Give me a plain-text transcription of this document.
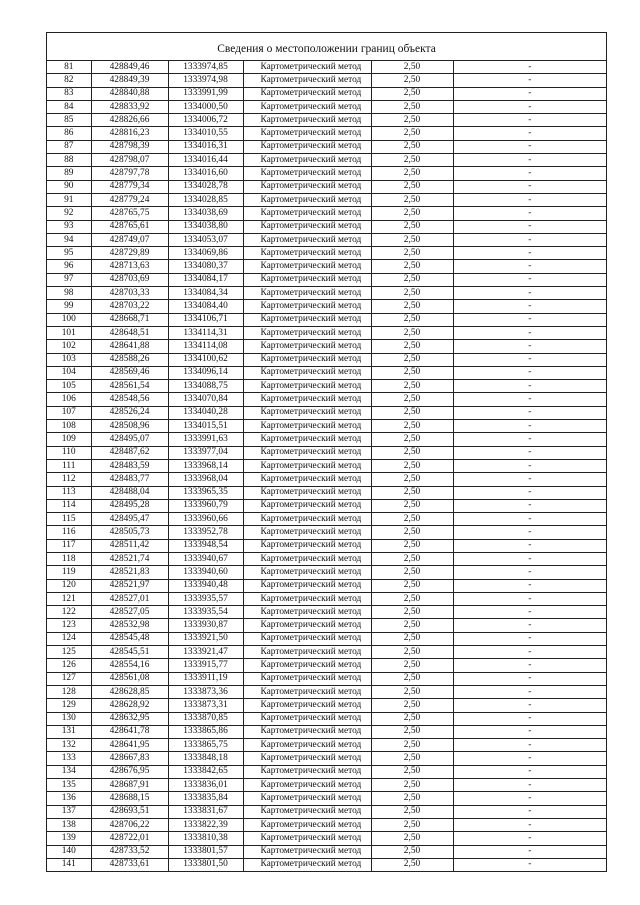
Сведения о местоположении границ объекта
81	428849,46	1333974,85	Картометрический метод	2,50	-
82	428849,39	1333974,98	Картометрический метод	2,50	-
83	428840,88	1333991,99	Картометрический метод	2,50	-
84	428833,92	1334000,50	Картометрический метод	2,50	-
85	428826,66	1334006,72	Картометрический метод	2,50	-
86	428816,23	1334010,55	Картометрический метод	2,50	-
87	428798,39	1334016,31	Картометрический метод	2,50	-
88	428798,07	1334016,44	Картометрический метод	2,50	-
89	428797,78	1334016,60	Картометрический метод	2,50	-
90	428779,34	1334028,78	Картометрический метод	2,50	-
91	428779,24	1334028,85	Картометрический метод	2,50	-
92	428765,75	1334038,69	Картометрический метод	2,50	-
93	428765,61	1334038,80	Картометрический метод	2,50	-
94	428749,07	1334053,07	Картометрический метод	2,50	-
95	428729,89	1334069,86	Картометрический метод	2,50	-
96	428713,63	1334080,37	Картометрический метод	2,50	-
97	428703,69	1334084,17	Картометрический метод	2,50	-
98	428703,33	1334084,34	Картометрический метод	2,50	-
99	428703,22	1334084,40	Картометрический метод	2,50	-
100	428668,71	1334106,71	Картометрический метод	2,50	-
101	428648,51	1334114,31	Картометрический метод	2,50	-
102	428641,88	1334114,08	Картометрический метод	2,50	-
103	428588,26	1334100,62	Картометрический метод	2,50	-
104	428569,46	1334096,14	Картометрический метод	2,50	-
105	428561,54	1334088,75	Картометрический метод	2,50	-
106	428548,56	1334070,84	Картометрический метод	2,50	-
107	428526,24	1334040,28	Картометрический метод	2,50	-
108	428508,96	1334015,51	Картометрический метод	2,50	-
109	428495,07	1333991,63	Картометрический метод	2,50	-
110	428487,62	1333977,04	Картометрический метод	2,50	-
111	428483,59	1333968,14	Картометрический метод	2,50	-
112	428483,77	1333968,04	Картометрический метод	2,50	-
113	428488,04	1333965,35	Картометрический метод	2,50	-
114	428495,28	1333960,79	Картометрический метод	2,50	-
115	428495,47	1333960,66	Картометрический метод	2,50	-
116	428505,73	1333952,78	Картометрический метод	2,50	-
117	428511,42	1333948,54	Картометрический метод	2,50	-
118	428521,74	1333940,67	Картометрический метод	2,50	-
119	428521,83	1333940,60	Картометрический метод	2,50	-
120	428521,97	1333940,48	Картометрический метод	2,50	-
121	428527,01	1333935,57	Картометрический метод	2,50	-
122	428527,05	1333935,54	Картометрический метод	2,50	-
123	428532,98	1333930,87	Картометрический метод	2,50	-
124	428545,48	1333921,50	Картометрический метод	2,50	-
125	428545,51	1333921,47	Картометрический метод	2,50	-
126	428554,16	1333915,77	Картометрический метод	2,50	-
127	428561,08	1333911,19	Картометрический метод	2,50	-
128	428628,85	1333873,36	Картометрический метод	2,50	-
129	428628,92	1333873,31	Картометрический метод	2,50	-
130	428632,95	1333870,85	Картометрический метод	2,50	-
131	428641,78	1333865,86	Картометрический метод	2,50	-
132	428641,95	1333865,75	Картометрический метод	2,50	-
133	428667,83	1333848,18	Картометрический метод	2,50	-
134	428676,95	1333842,65	Картометрический метод	2,50	-
135	428687,91	1333836,01	Картометрический метод	2,50	-
136	428688,15	1333835,84	Картометрический метод	2,50	-
137	428693,51	1333831,67	Картометрический метод	2,50	-
138	428706,22	1333822,39	Картометрический метод	2,50	-
139	428722,01	1333810,38	Картометрический метод	2,50	-
140	428733,52	1333801,57	Картометрический метод	2,50	-
141	428733,61	1333801,50	Картометрический метод	2,50	-
